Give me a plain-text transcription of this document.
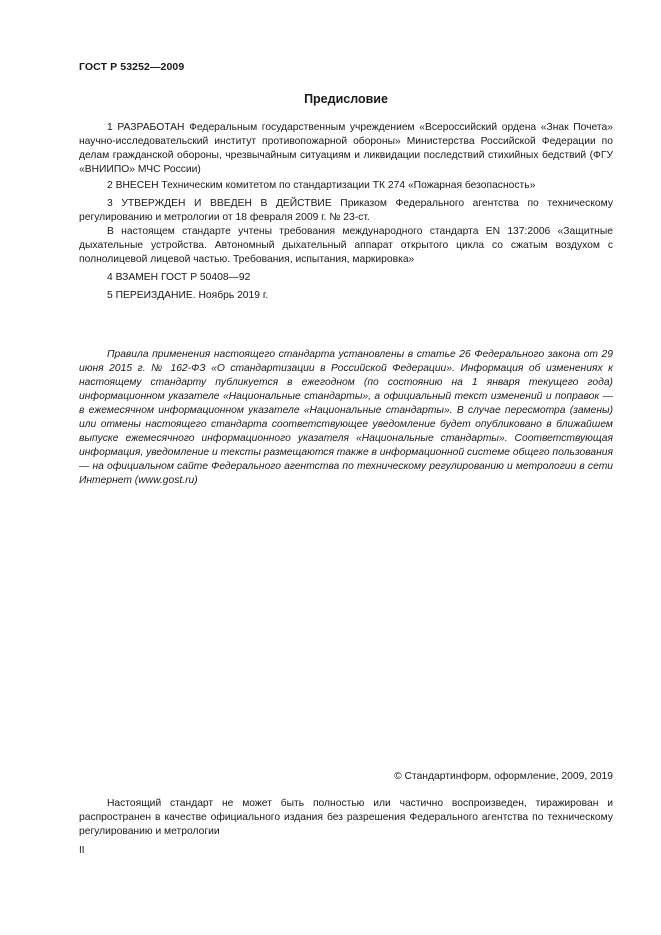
ГОСТ Р 53252—2009
Предисловие

1 РАЗРАБОТАН Федеральным государственным учреждением «Всероссийский ордена «Знак Почета» научно-исследовательский институт противопожарной обороны» Министерства Российской Федерации по делам гражданской обороны, чрезвычайным ситуациям и ликвидации последствий стихийных бедствий (ФГУ «ВНИИПО» МЧС России)

2 ВНЕСЕН Техническим комитетом по стандартизации ТК 274 «Пожарная безопасность»

3 УТВЕРЖДЕН И ВВЕДЕН В ДЕЙСТВИЕ Приказом Федерального агентства по техническому регулированию и метрологии от 18 февраля 2009 г. № 23-ст.

В настоящем стандарте учтены требования международного стандарта EN 137:2006 «Защитные дыхательные устройства. Автономный дыхательный аппарат открытого цикла со сжатым воздухом с полнолицевой лицевой частью. Требования, испытания, маркировка»

4 ВЗАМЕН ГОСТ Р 50408—92

5 ПЕРЕИЗДАНИЕ. Ноябрь 2019 г.

Правила применения настоящего стандарта установлены в статье 26 Федерального закона от 29 июня 2015 г. № 162-ФЗ «О стандартизации в Российской Федерации». Информация об изменениях к настоящему стандарту публикуется в ежегодном (по состоянию на 1 января текущего года) информационном указателе «Национальные стандарты», а официальный текст изменений и поправок — в ежемесячном информационном указателе «Национальные стандарты». В случае пересмотра (замены) или отмены настоящего стандарта соответствующее уведомление будет опубликовано в ближайшем выпуске ежемесячного информационного указателя «Национальные стандарты». Соответствующая информация, уведомление и тексты размещаются также в информационной системе общего пользования — на официальном сайте Федерального агентства по техническому регулированию и метрологии в сети Интернет (www.gost.ru)

© Стандартинформ, оформление, 2009, 2019

Настоящий стандарт не может быть полностью или частично воспроизведен, тиражирован и распространен в качестве официального издания без разрешения Федерального агентства по техническому регулированию и метрологии

II
